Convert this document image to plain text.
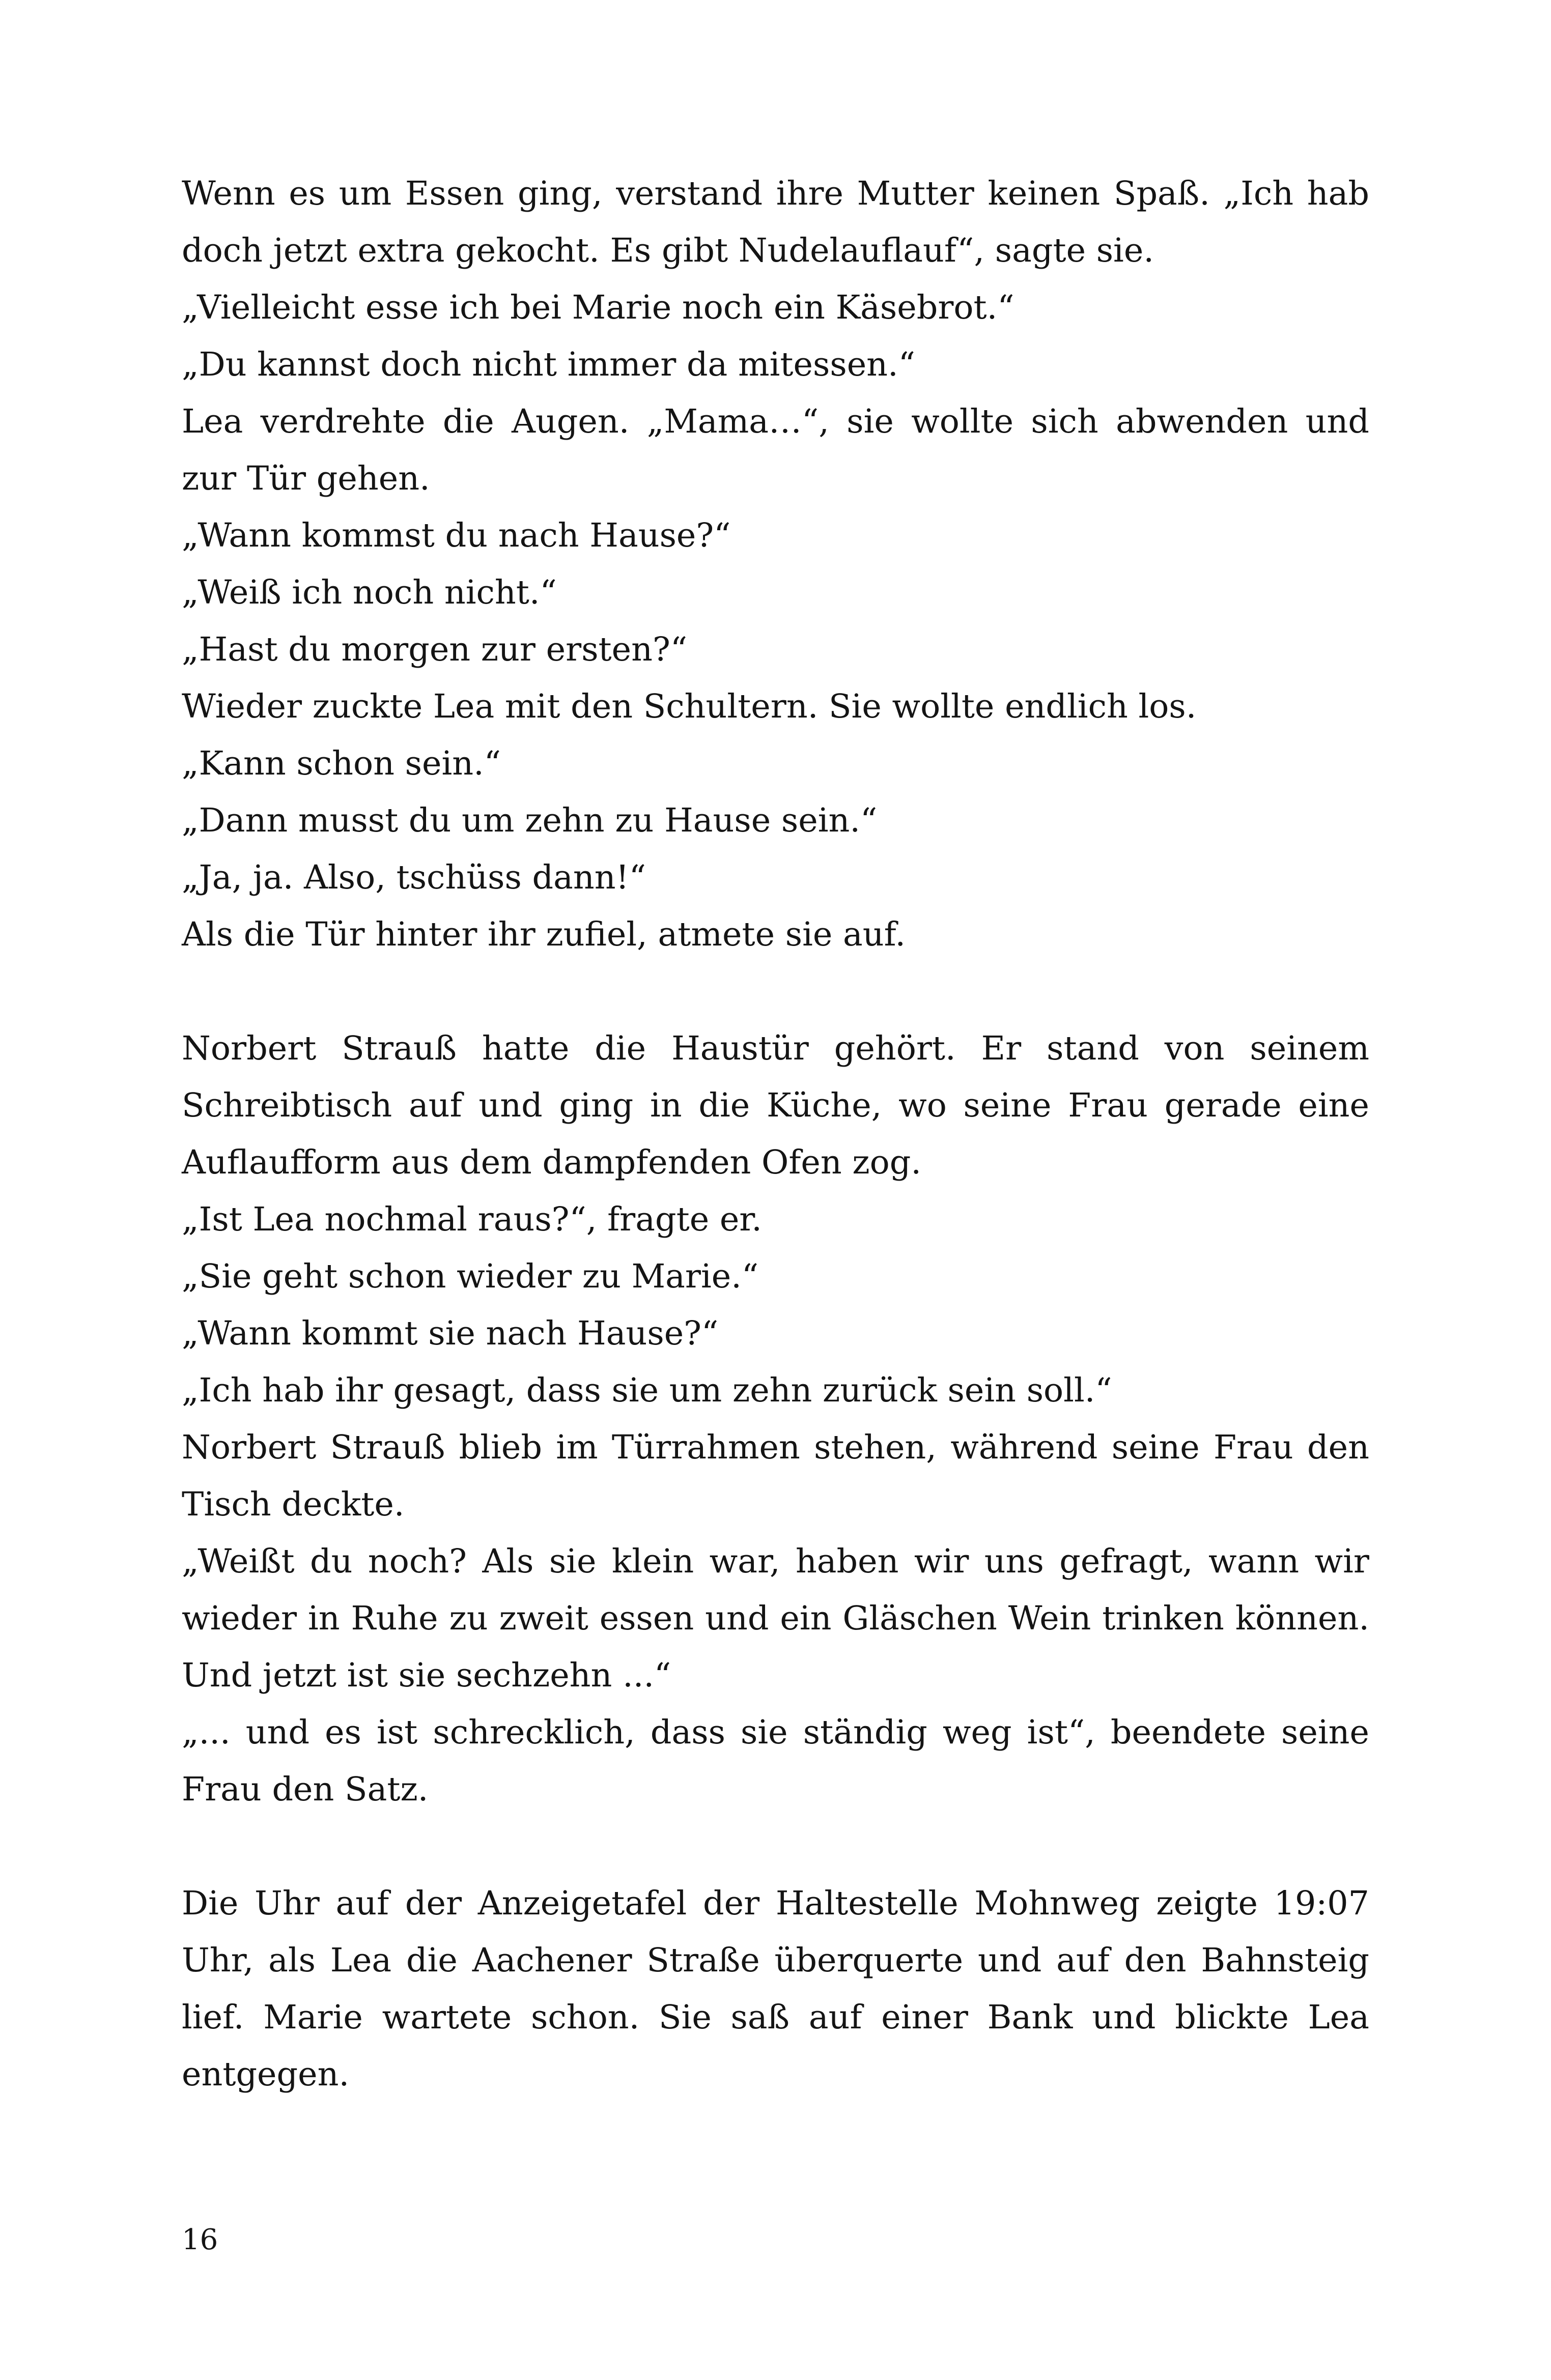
Wenn es um Essen ging, verstand ihre Mutter keinen Spaß. „Ich hab doch jetzt extra gekocht. Es gibt Nudelauflauf“, sagte sie.

„Vielleicht esse ich bei Marie noch ein Käsebrot.“

„Du kannst doch nicht immer da mitessen.“

Lea verdrehte die Augen. „Mama…“, sie wollte sich abwenden und zur Tür gehen.

„Wann kommst du nach Hause?“

„Weiß ich noch nicht.“

„Hast du morgen zur ersten?“

Wieder zuckte Lea mit den Schultern. Sie wollte endlich los.

„Kann schon sein.“

„Dann musst du um zehn zu Hause sein.“

„Ja, ja. Also, tschüss dann!“

Als die Tür hinter ihr zufiel, atmete sie auf.

Norbert Strauß hatte die Haustür gehört. Er stand von seinem Schreibtisch auf und ging in die Küche, wo seine Frau gerade eine Auflaufform aus dem dampfenden Ofen zog.

„Ist Lea nochmal raus?“, fragte er.

„Sie geht schon wieder zu Marie.“

„Wann kommt sie nach Hause?“

„Ich hab ihr gesagt, dass sie um zehn zurück sein soll.“

Norbert Strauß blieb im Türrahmen stehen, während seine Frau den Tisch deckte.

„Weißt du noch? Als sie klein war, haben wir uns gefragt, wann wir wieder in Ruhe zu zweit essen und ein Gläschen Wein trinken können. Und jetzt ist sie sechzehn ...“

„... und es ist schrecklich, dass sie ständig weg ist“, beendete seine Frau den Satz.

Die Uhr auf der Anzeigetafel der Haltestelle Mohnweg zeigte 19:07 Uhr, als Lea die Aachener Straße überquerte und auf den Bahnsteig lief. Marie wartete schon. Sie saß auf einer Bank und blickte Lea entgegen.

16
